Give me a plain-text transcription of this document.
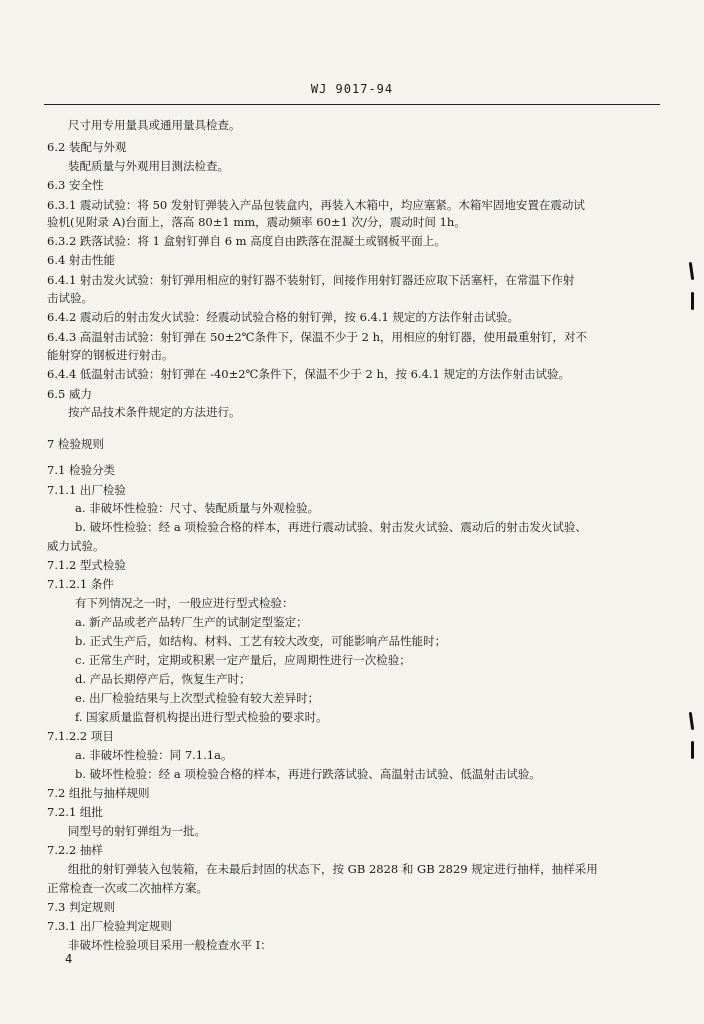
WJ 9017-94
尺寸用专用量具或通用量具检查。
6.2 装配与外观
装配质量与外观用目测法检查。
6.3 安全性
6.3.1 震动试验：将 50 发射钉弹装入产品包装盒内，再装入木箱中，均应塞紧。木箱牢固地安置在震动试
验机(见附录 A)台面上，落高 80±1 mm，震动频率 60±1 次/分，震动时间 1h。
6.3.2 跌落试验：将 1 盒射钉弹自 6 m 高度自由跌落在混凝土或钢板平面上。
6.4 射击性能
6.4.1 射击发火试验：射钉弹用相应的射钉器不装射钉，间接作用射钉器还应取下活塞杆，在常温下作射
击试验。
6.4.2 震动后的射击发火试验：经震动试验合格的射钉弹，按 6.4.1 规定的方法作射击试验。
6.4.3 高温射击试验：射钉弹在 50±2℃条件下，保温不少于 2 h，用相应的射钉器，使用最重射钉，对不
能射穿的钢板进行射击。
6.4.4 低温射击试验：射钉弹在 -40±2℃条件下，保温不少于 2 h，按 6.4.1 规定的方法作射击试验。
6.5 威力
按产品技术条件规定的方法进行。
7 检验规则
7.1 检验分类
7.1.1 出厂检验
a. 非破坏性检验：尺寸、装配质量与外观检验。
b. 破坏性检验：经 a 项检验合格的样本，再进行震动试验、射击发火试验、震动后的射击发火试验、
威力试验。
7.1.2 型式检验
7.1.2.1 条件
有下列情况之一时，一般应进行型式检验：
a. 新产品或老产品转厂生产的试制定型鉴定；
b. 正式生产后，如结构、材料、工艺有较大改变，可能影响产品性能时；
c. 正常生产时，定期或积累一定产量后，应周期性进行一次检验；
d. 产品长期停产后，恢复生产时；
e. 出厂检验结果与上次型式检验有较大差异时；
f. 国家质量监督机构提出进行型式检验的要求时。
7.1.2.2 项目
a. 非破坏性检验：同 7.1.1a。
b. 破坏性检验：经 a 项检验合格的样本，再进行跌落试验、高温射击试验、低温射击试验。
7.2 组批与抽样规则
7.2.1 组批
同型号的射钉弹组为一批。
7.2.2 抽样
组批的射钉弹装入包装箱，在未最后封固的状态下，按 GB 2828 和 GB 2829 规定进行抽样，抽样采用
正常检查一次或二次抽样方案。
7.3 判定规则
7.3.1 出厂检验判定规则
非破坏性检验项目采用一般检查水平 I：
4
